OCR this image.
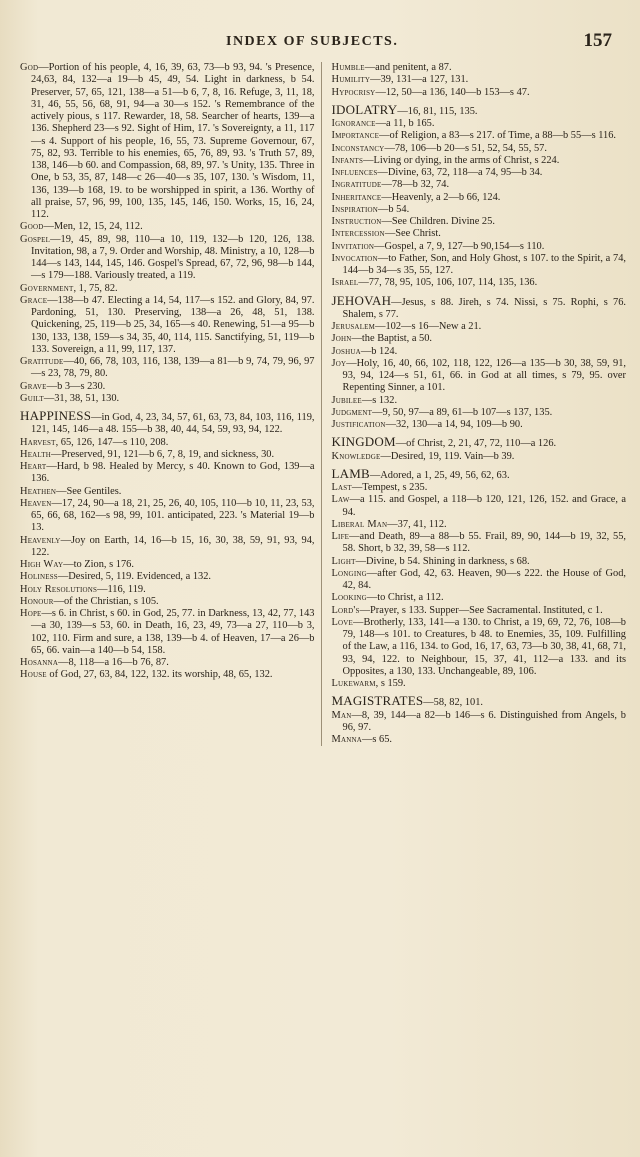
INDEX OF SUBJECTS.	157

God—Portion of his people, 4, 16, 39, 63, 73—b 93, 94. 's Presence, 24,63, 84, 132—a 19—b 45, 49, 54. Light in darkness, b 54. Preserver, 57, 65, 121, 138—a 51—b 6, 7, 8, 16. Refuge, 3, 11, 18, 31, 46, 55, 56, 68, 91, 94—a 30—s 152. 's Remembrance of the actively pious, s 117. Rewarder, 18, 58. Searcher of hearts, 139—a 136. Shepherd 23—s 92. Sight of Him, 17. 's Sovereignty, a 11, 117—s 4. Support of his people, 16, 55, 73. Supreme Governour, 67, 75, 82, 93. Terrible to his enemies, 65, 76, 89, 93. 's Truth 57, 89, 138, 146—b 60. and Compassion, 68, 89, 97. 's Unity, 135. Three in One, b 53, 35, 87, 148—c 26—40—s 35, 107, 130. 's Wisdom, 11, 136, 139—b 168, 19. to be worshipped in spirit, a 136. Worthy of all praise, 57, 96, 99, 100, 135, 145, 146, 150. Works, 15, 16, 24, 112.

Good—Men, 12, 15, 24, 112.

Gospel—19, 45, 89, 98, 110—a 10, 119, 132—b 120, 126, 138. Invitation, 98, a 7, 9. Order and Worship, 48. Ministry, a 10, 128—b 144—s 143, 144, 145, 146. Gospel's Spread, 67, 72, 96, 98—b 144,—s 179—188. Variously treated, a 119.

Government, 1, 75, 82.

Grace—138—b 47. Electing a 14, 54, 117—s 152. and Glory, 84, 97. Pardoning, 51, 130. Preserving, 138—a 26, 48, 51, 138. Quickening, 25, 119—b 25, 34, 165—s 40. Renewing, 51—a 95—b 130, 133, 138, 159—s 34, 35, 40, 114, 115. Sanctifying, 51, 119—b 133. Sovereign, a 11, 99, 117, 137.

Gratitude—40, 66, 78, 103, 116, 138, 139—a 81—b 9, 74, 79, 96, 97—s 23, 78, 79, 80.

Grave—b 3—s 230.

Guilt—31, 38, 51, 130.

HAPPINESS—in God, 4, 23, 34, 57, 61, 63, 73, 84, 103, 116, 119, 121, 145, 146—a 48. 155—b 38, 40, 44, 54, 59, 93, 94, 122.

Harvest, 65, 126, 147—s 110, 208.

Health—Preserved, 91, 121—b 6, 7, 8, 19, and sickness, 30.

Heart—Hard, b 98. Healed by Mercy, s 40. Known to God, 139—a 136.

Heathen—See Gentiles.

Heaven—17, 24, 90—a 18, 21, 25, 26, 40, 105, 110—b 10, 11, 23, 53, 65, 66, 68, 162—s 98, 99, 101. anticipated, 223. 's Material 19—b 13.

Heavenly—Joy on Earth, 14, 16—b 15, 16, 30, 38, 59, 91, 93, 94, 122.

High Way—to Zion, s 176.

Holiness—Desired, 5, 119. Evidenced, a 132.

Holy Resolutions—116, 119.

Honour—of the Christian, s 105.

Hope—s 6. in Christ, s 60. in God, 25, 77. in Darkness, 13, 42, 77, 143—a 30, 139—s 53, 60. in Death, 16, 23, 49, 73—a 27, 110—b 3, 102, 110. Firm and sure, a 138, 139—b 4. of Heaven, 17—a 26—b 65, 66. vain—a 140—b 54, 158.

Hosanna—8, 118—a 16—b 76, 87.

House of God, 27, 63, 84, 122, 132. its worship, 48, 65, 132.

Humble—and penitent, a 87.

Humility—39, 131—a 127, 131.

Hypocrisy—12, 50—a 136, 140—b 153—s 47.

IDOLATRY—16, 81, 115, 135.

Ignorance—a 11, b 165.

Importance—of Religion, a 83—s 217. of Time, a 88—b 55—s 116.

Inconstancy—78, 106—b 20—s 51, 52, 54, 55, 57.

Infants—Living or dying, in the arms of Christ, s 224.

Influences—Divine, 63, 72, 118—a 74, 95—b 34.

Ingratitude—78—b 32, 74.

Inheritance—Heavenly, a 2—b 66, 124.

Inspiration—b 54.

Instruction—See Children. Divine 25.

Intercession—See Christ.

Invitation—Gospel, a 7, 9, 127—b 90,154—s 110.

Invocation—to Father, Son, and Holy Ghost, s 107. to the Spirit, a 74, 144—b 34—s 35, 55, 127.

Israel—77, 78, 95, 105, 106, 107, 114, 135, 136.

JEHOVAH—Jesus, s 88. Jireh, s 74. Nissi, s 75. Rophi, s 76. Shalem, s 77.

Jerusalem—102—s 16—New a 21.

John—the Baptist, a 50.

Joshua—b 124.

Joy—Holy, 16, 40, 66, 102, 118, 122, 126—a 135—b 30, 38, 59, 91, 93, 94, 124—s 51, 61, 66. in God at all times, s 79, 95. over Repenting Sinner, a 101.

Jubilee—s 132.

Judgment—9, 50, 97—a 89, 61—b 107—s 137, 135.

Justification—32, 130—a 14, 94, 109—b 90.

KINGDOM—of Christ, 2, 21, 47, 72, 110—a 126.

Knowledge—Desired, 19, 119. Vain—b 39.

LAMB—Adored, a 1, 25, 49, 56, 62, 63.

Last—Tempest, s 235.

Law—a 115. and Gospel, a 118—b 120, 121, 126, 152. and Grace, a 94.

Liberal Man—37, 41, 112.

Life—and Death, 89—a 88—b 55. Frail, 89, 90, 144—b 19, 32, 55, 58. Short, b 32, 39, 58—s 112.

Light—Divine, b 54. Shining in darkness, s 68.

Longing—after God, 42, 63. Heaven, 90—s 222. the House of God, 42, 84.

Looking—to Christ, a 112.

Lord's—Prayer, s 133. Supper—See Sacramental. Instituted, c 1.

Love—Brotherly, 133, 141—a 130. to Christ, a 19, 69, 72, 76, 108—b 79, 148—s 101. to Creatures, b 48. to Enemies, 35, 109. Fulfilling of the Law, a 116, 134. to God, 16, 17, 63, 73—b 30, 38, 41, 68, 71, 93, 94, 122. to Neighbour, 15, 37, 41, 112—a 133. and its Opposites, a 130, 133. Unchangeable, 89, 106.

Lukewarm, s 159.

MAGISTRATES—58, 82, 101.

Man—8, 39, 144—a 82—b 146—s 6. Distinguished from Angels, b 96, 97.

Manna—s 65.
